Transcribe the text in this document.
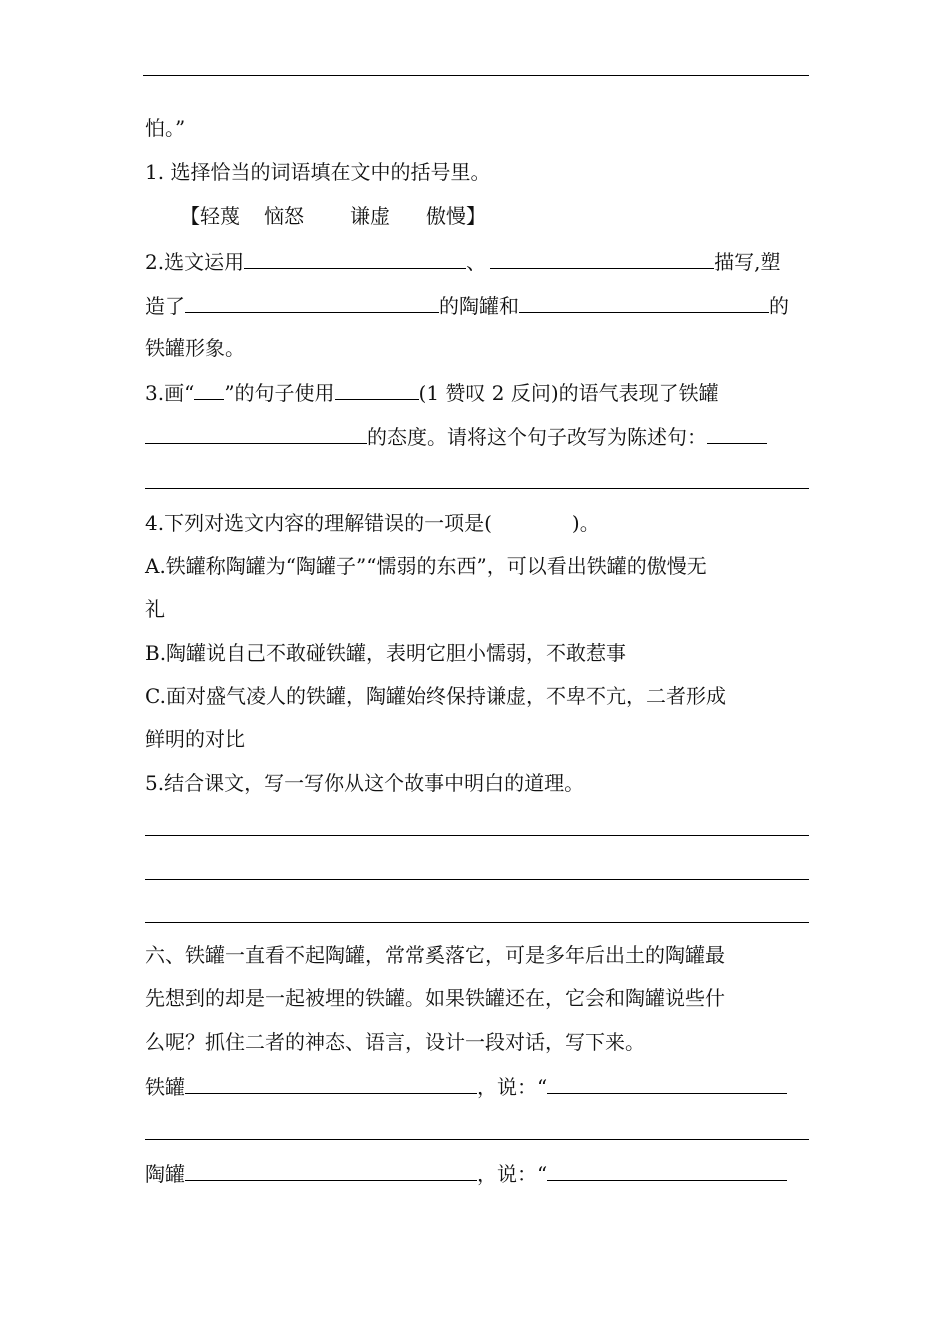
怕。”
1. 选择恰当的词语填在文中的括号里。
【轻蔑 恼怒 谦虚 傲慢】
2.选文运用	、	描写,塑
造了	的陶罐和	的
铁罐形象。
3.画“ ”的句子使用	(1 赞叹 2 反问)的语气表现了铁罐
的态度。请将这个句子改写为陈述句：
4.下列对选文内容的理解错误的一项是(	)。
A.铁罐称陶罐为“陶罐子”“懦弱的东西”，可以看出铁罐的傲慢无
礼
B.陶罐说自己不敢碰铁罐，表明它胆小懦弱，不敢惹事
C.面对盛气凌人的铁罐，陶罐始终保持谦虚，不卑不亢，二者形成
鲜明的对比
5.结合课文，写一写你从这个故事中明白的道理。
六、铁罐一直看不起陶罐，常常奚落它，可是多年后出土的陶罐最
先想到的却是一起被埋的铁罐。如果铁罐还在，它会和陶罐说些什
么呢？抓住二者的神态、语言，设计一段对话，写下来。
铁罐	，说：“
陶罐	，说：“
